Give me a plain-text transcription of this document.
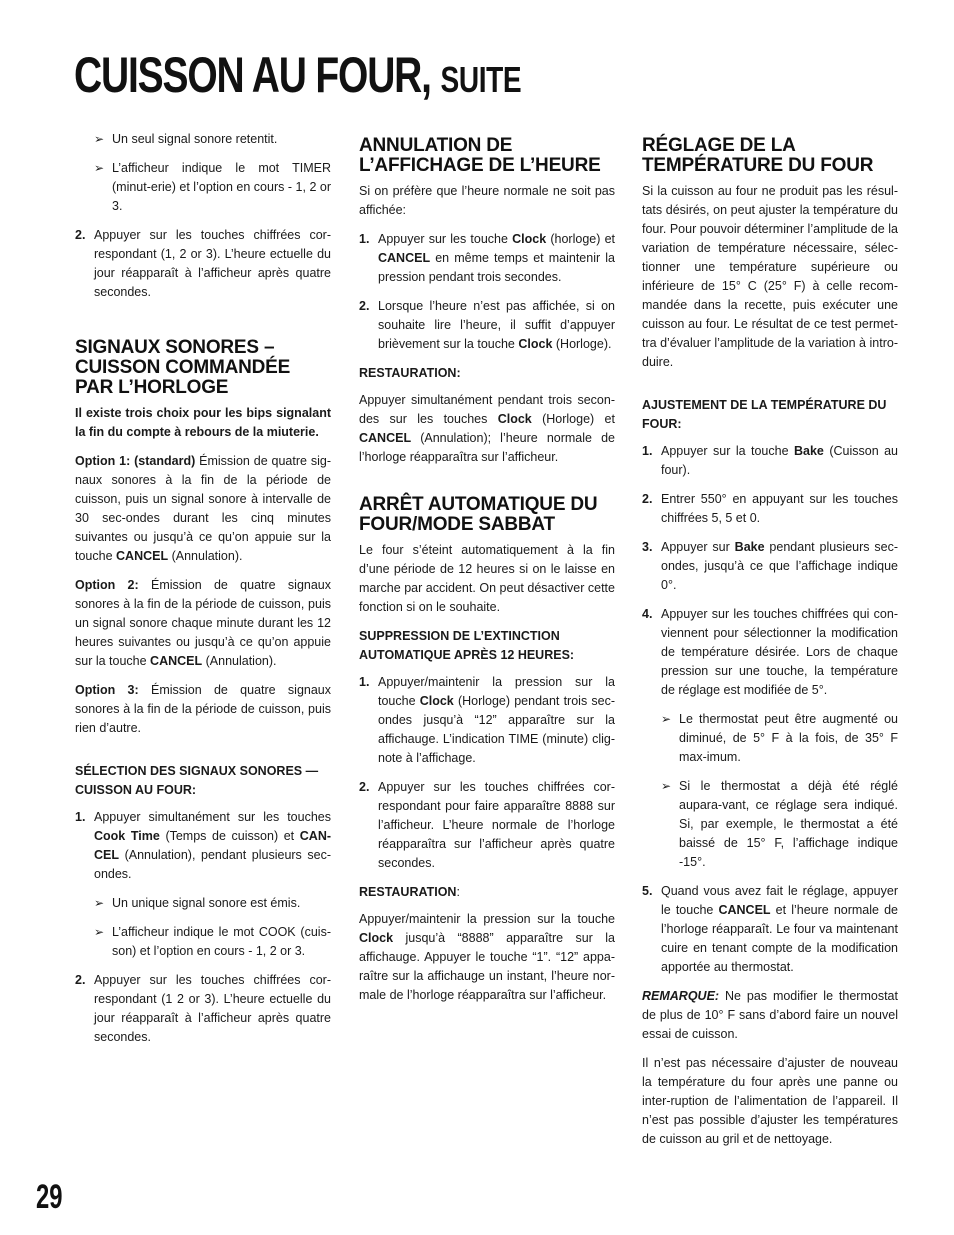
CUISSON AU FOUR, SUITE
➢ Un seul signal sonore retentit.
➢ L’afficheur indique le mot TIMER (minut-erie) et l’option en cours - 1, 2 or 3.
2. Appuyer sur les touches chiffrées cor-respondant (1, 2 or 3). L’heure ectuelle du jour réapparaît à l’afficheur après quatre secondes.
SIGNAUX SONORES – CUISSON COMMANDÉE PAR L’HORLOGE

Il existe trois choix pour les bips signalant la fin du compte à rebours de la miuterie.

Option 1: (standard) Émission de quatre sig-naux sonores à la fin de la période de cuisson, puis un signal sonore à intervalle de 30 sec-ondes durant les cinq minutes suivantes ou jusqu’à ce qu’on appuie sur la touche CANCEL (Annulation).

Option 2: Émission de quatre signaux sonores à la fin de la période de cuisson, puis un signal sonore chaque minute durant les 12 heures suivantes ou jusqu’à ce qu’on appuie sur la touche CANCEL (Annulation).

Option 3: Émission de quatre signaux sonores à la fin de la période de cuisson, puis rien d’autre.

SÉLECTION DES SIGNAUX SONORES — CUISSON AU FOUR:
1. Appuyer simultanément sur les touches Cook Time (Temps de cuisson) et CAN-CEL (Annulation), pendant plusieurs sec-ondes.
➢ Un unique signal sonore est émis.
➢ L’afficheur indique le mot COOK (cuis-son) et l’option en cours - 1, 2 or 3.
2. Appuyer sur les touches chiffrées cor-respondant (1 2 or 3). L’heure ectuelle du jour réapparaît à l’afficheur après quatre secondes.
ANNULATION DE L’AFFICHAGE DE L’HEURE

Si on préfère que l’heure normale ne soit pas affichée:

1. Appuyer sur les touche Clock (horloge) et CANCEL en même temps et maintenir la pression pendant trois secondes.
2. Lorsque l’heure n’est pas affichée, si on souhaite lire l’heure, il suffit d’appuyer brièvement sur la touche Clock (Horloge).
RESTAURATION:

Appuyer simultanément pendant trois secon-des sur les touches Clock (Horloge) et CANCEL (Annulation); l’heure normale de l’horloge réapparaîtra sur l’afficheur.

ARRÊT AUTOMATIQUE DU FOUR/MODE SABBAT

Le four s’éteint automatiquement à la fin d’une période de 12 heures si on le laisse en marche par accident. On peut désactiver cette fonction si on le souhaite.

SUPPRESSION DE L’EXTINCTION AUTOMATIQUE APRÈS 12 HEURES:
1. Appuyer/maintenir la pression sur la touche Clock (Horloge) pendant trois sec-ondes jusqu’à “12” apparaître sur la affichauge. L’indication TIME (minute) clig-note à l’affichage.
2. Appuyer sur les touches chiffrées cor-respondant pour faire apparaître 8888 sur l’afficheur. L’heure normale de l’horloge réapparaîtra sur l’afficheur après quatre secondes.
RESTAURATION:

Appuyer/maintenir la pression sur la touche Clock jusqu’à “8888” apparaître sur la affichauge. Appuyer le touche “1”. “12” appa-raître sur la affichauge un instant, l’heure nor-male de l’horloge réapparaîtra sur l’afficheur.

RÉGLAGE DE LA TEMPÉRATURE DU FOUR

Si la cuisson au four ne produit pas les résul-tats désirés, on peut ajuster la température du four. Pour pouvoir déterminer l’amplitude de la variation de température nécessaire, sélec-tionner une température supérieure ou inférieure de 15° C (25° F) à celle recom-mandée dans la recette, puis exécuter une cuisson au four. Le résultat de ce test permet-tra d’évaluer l’amplitude de la variation à intro-duire.

AJUSTEMENT DE LA TEMPÉRATURE DU FOUR:
1. Appuyer sur la touche Bake (Cuisson au four).
2. Entrer 550° en appuyant sur les touches chiffrées 5, 5 et 0.
3. Appuyer sur Bake pendant plusieurs sec-ondes, jusqu’à ce que l’affichage indique 0°.
4. Appuyer sur les touches chiffrées qui con-viennent pour sélectionner la modification de température désirée. Lors de chaque pression sur une touche, la température de réglage est modifiée de 5°.
➢ Le thermostat peut être augmenté ou diminué, de 5° F à la fois, de 35° F max-imum.
➢ Si le thermostat a déjà été réglé aupara-vant, ce réglage sera indiqué. Si, par exemple, le thermostat a été baissé de 15° F, l’affichage indique -15°.
5. Quand vous avez fait le réglage, appuyer le touche CANCEL et l’heure normale de l’horloge réapparaît. Le four va maintenant cuire en tenant compte de la modification apportée au thermostat.

REMARQUE: Ne pas modifier le thermostat de plus de 10° F sans d’abord faire un nouvel essai de cuisson.

Il n’est pas nécessaire d’ajuster de nouveau la température du four après une panne ou inter-ruption de l’alimentation de l’appareil. Il n’est pas possible d’ajuster les températures de cuisson au gril et de nettoyage.

29
